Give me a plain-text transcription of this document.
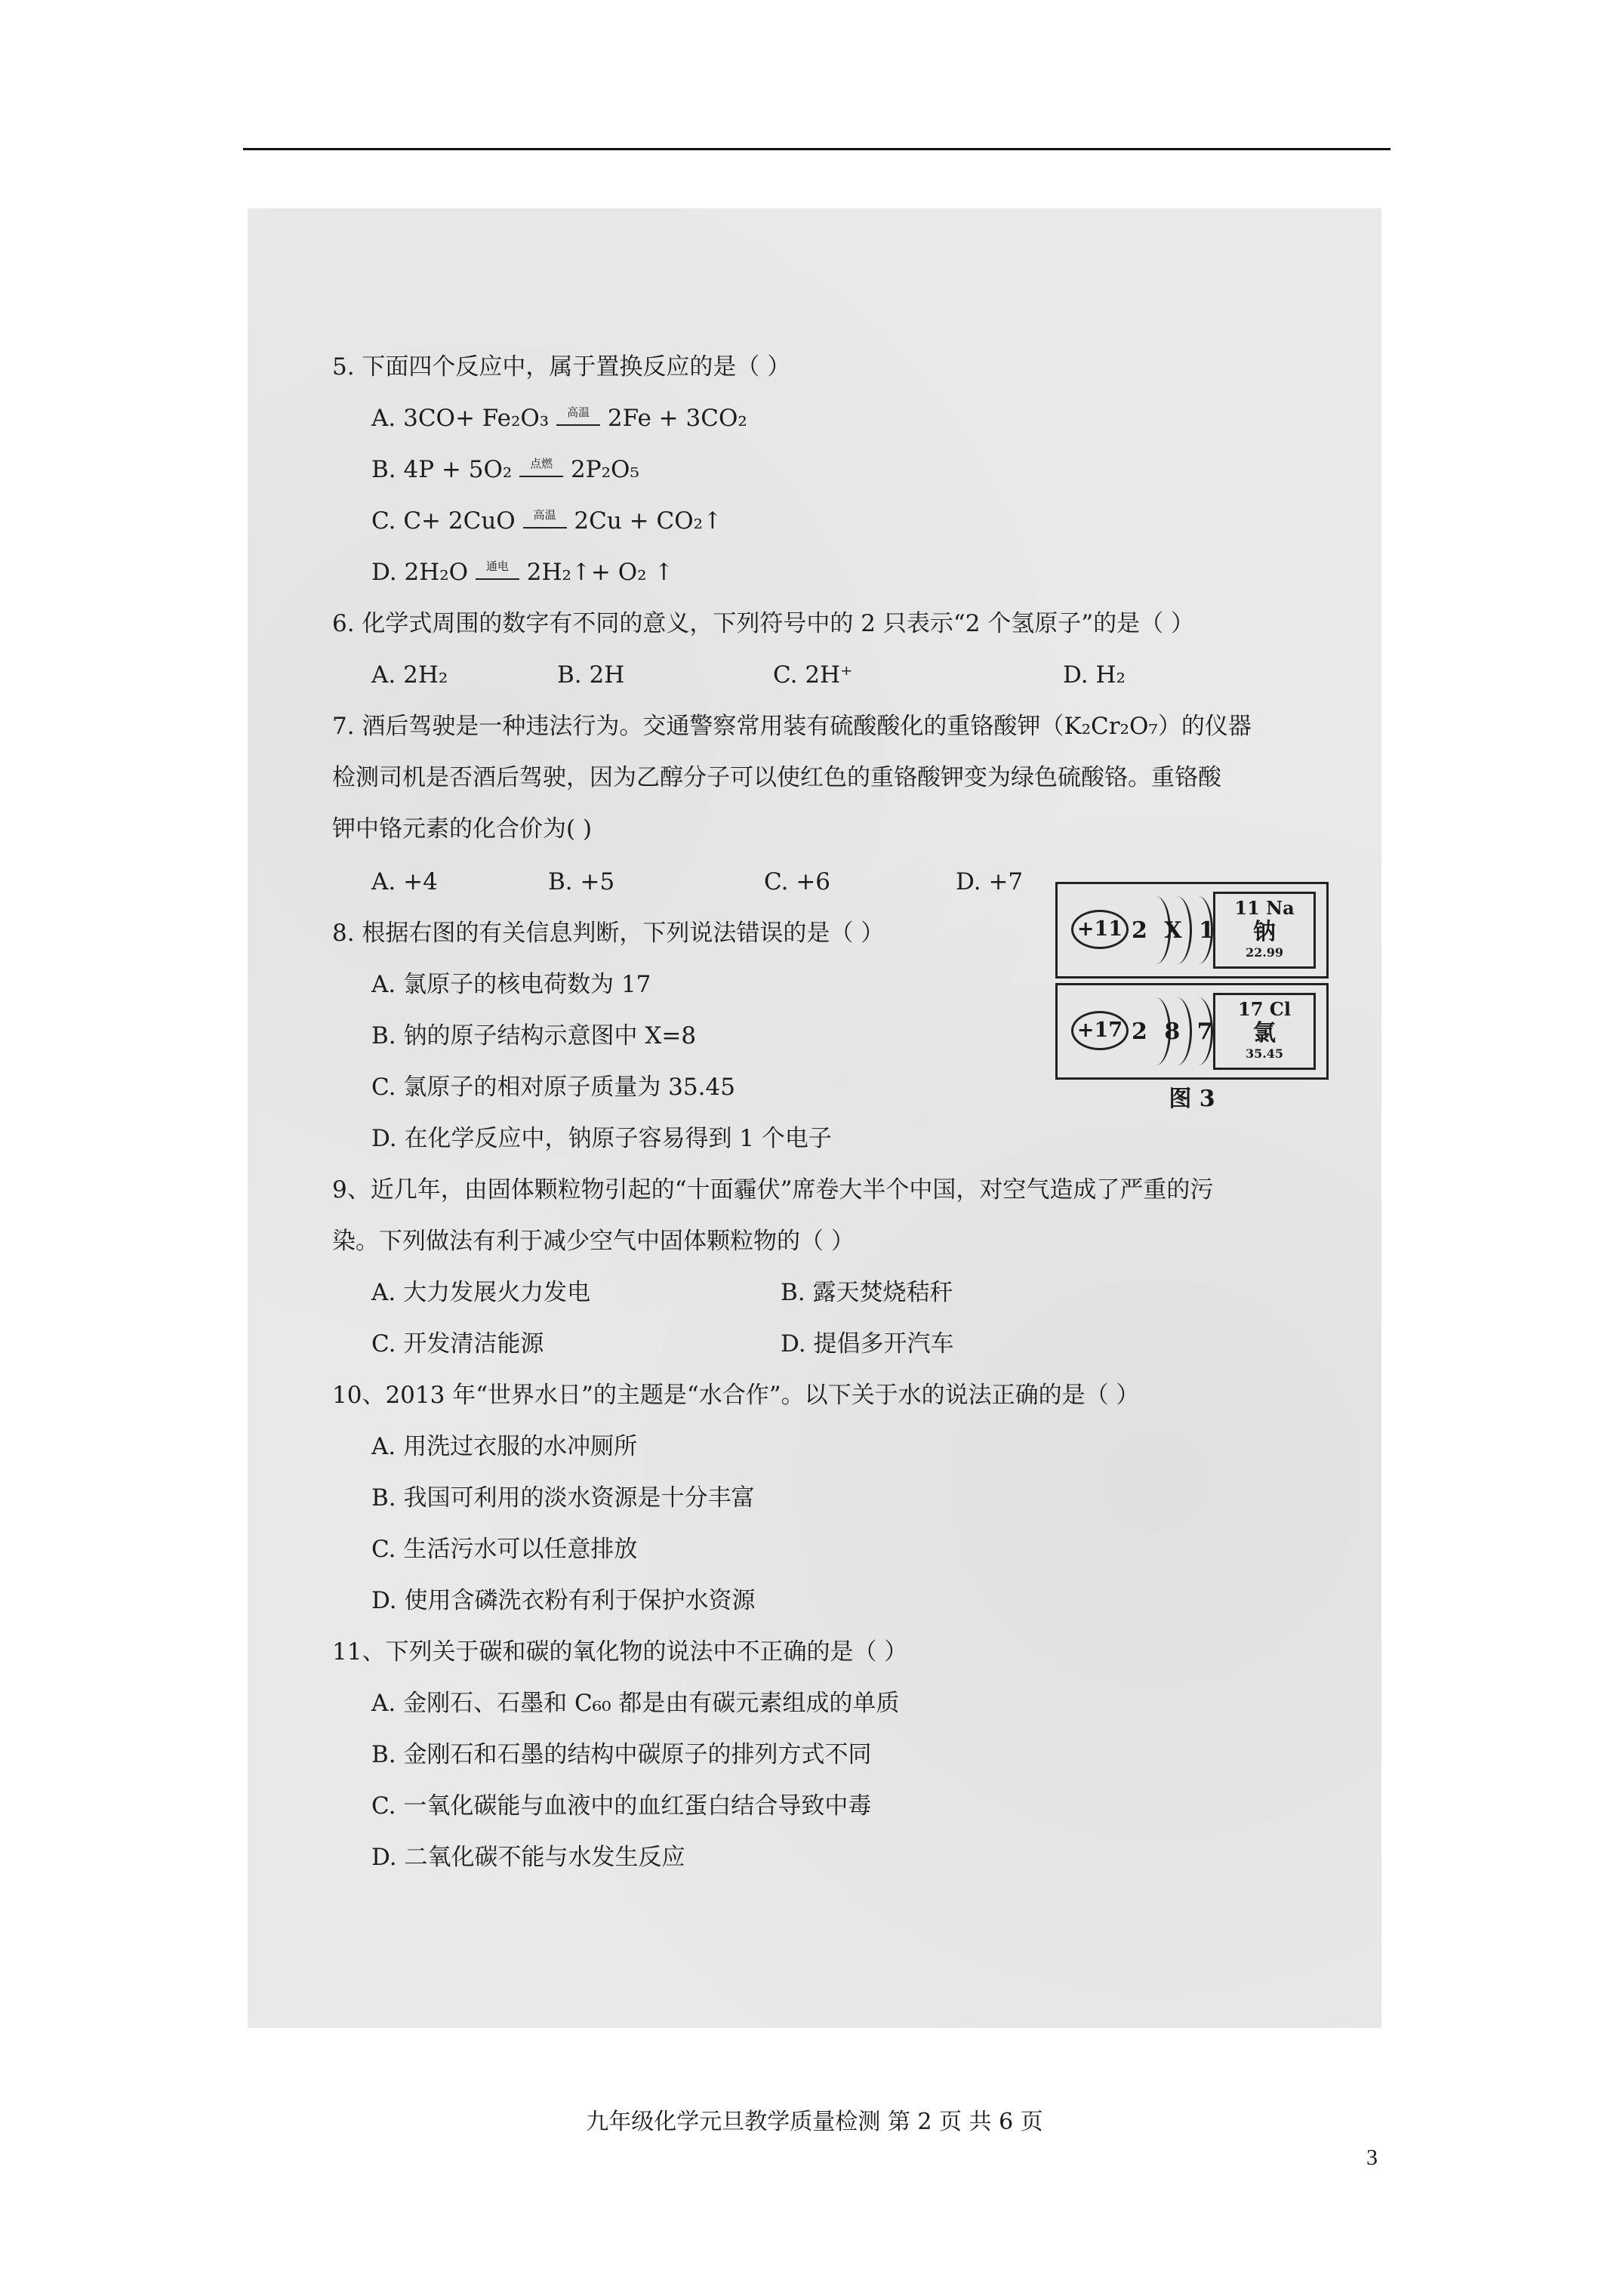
5. 下面四个反应中，属于置换反应的是（ ）
A. 3CO+ Fe₂O₃ 高温 2Fe + 3CO₂
B. 4P + 5O₂ 点燃 2P₂O₅
C. C+ 2CuO 高温 2Cu + CO₂↑
D. 2H₂O 通电 2H₂↑+ O₂ ↑
6. 化学式周围的数字有不同的意义，下列符号中的 2 只表示“2 个氢原子”的是（ ）
A. 2H₂	B. 2H	C. 2H⁺	D. H₂
7. 酒后驾驶是一种违法行为。交通警察常用装有硫酸酸化的重铬酸钾（K₂Cr₂O₇）的仪器
检测司机是否酒后驾驶，因为乙醇分子可以使红色的重铬酸钾变为绿色硫酸铬。重铬酸
钾中铬元素的化合价为( )
A. +4	B. +5	C. +6	D. +7
8. 根据右图的有关信息判断，下列说法错误的是（ ）
A. 氯原子的核电荷数为 17
B. 钠的原子结构示意图中 X=8
C. 氯原子的相对原子质量为 35.45
D. 在化学反应中，钠原子容易得到 1 个电子
+11 2 X 1
11 Na
钠
22.99
+17 2 8 7
17 Cl
氯
35.45
图 3
9、近几年，由固体颗粒物引起的“十面霾伏”席卷大半个中国，对空气造成了严重的污
染。下列做法有利于减少空气中固体颗粒物的（ ）
A. 大力发展火力发电	B. 露天焚烧秸秆
C. 开发清洁能源	D. 提倡多开汽车
10、2013 年“世界水日”的主题是“水合作”。以下关于水的说法正确的是（ ）
A. 用洗过衣服的水冲厕所
B. 我国可利用的淡水资源是十分丰富
C. 生活污水可以任意排放
D. 使用含磷洗衣粉有利于保护水资源
11、下列关于碳和碳的氧化物的说法中不正确的是（ ）
A. 金刚石、石墨和 C₆₀ 都是由有碳元素组成的单质
B. 金刚石和石墨的结构中碳原子的排列方式不同
C. 一氧化碳能与血液中的血红蛋白结合导致中毒
D. 二氧化碳不能与水发生反应
九年级化学元旦教学质量检测 第 2 页 共 6 页
3
